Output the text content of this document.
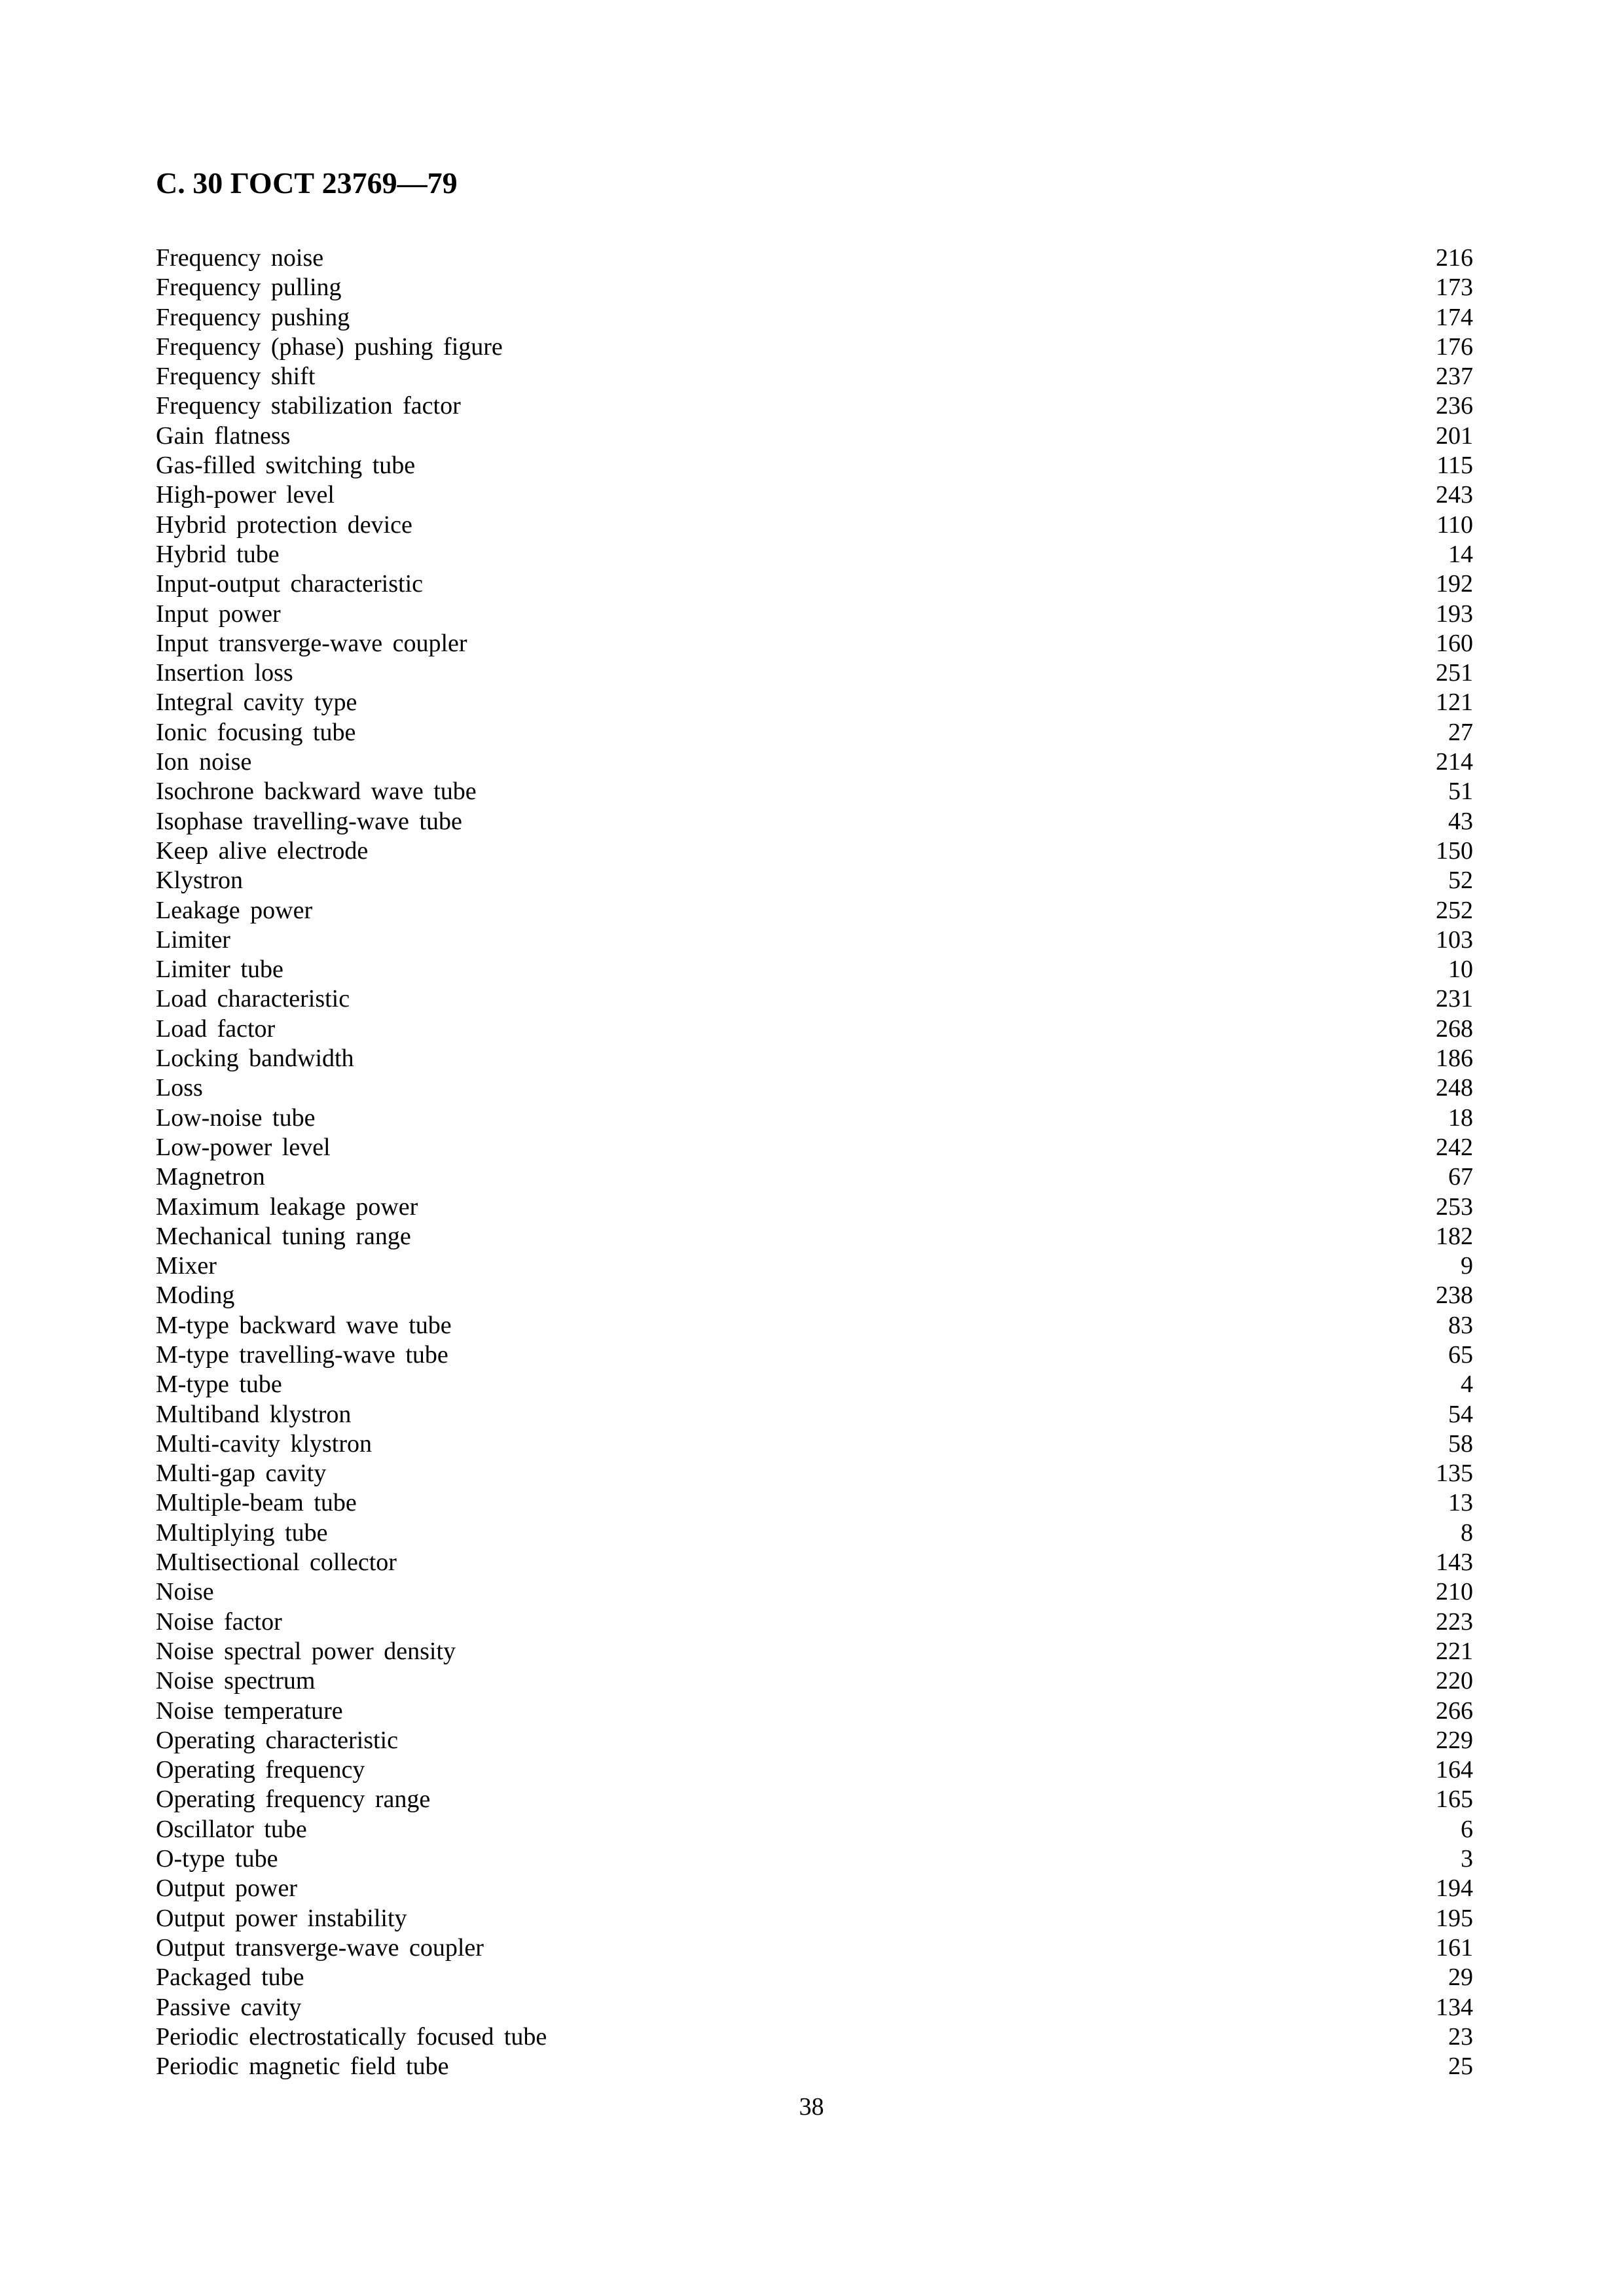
С. 30 ГОСТ 23769—79
Frequency noise	216
Frequency pulling	173
Frequency pushing	174
Frequency (phase) pushing figure	176
Frequency shift	237
Frequency stabilization factor	236
Gain flatness	201
Gas-filled switching tube	115
High-power level	243
Hybrid protection device	110
Hybrid tube	14
Input-output characteristic	192
Input power	193
Input transverge-wave coupler	160
Insertion loss	251
Integral cavity type	121
Ionic focusing tube	27
Ion noise	214
Isochrone backward wave tube	51
Isophase travelling-wave tube	43
Keep alive electrode	150
Klystron	52
Leakage power	252
Limiter	103
Limiter tube	10
Load characteristic	231
Load factor	268
Locking bandwidth	186
Loss	248
Low-noise tube	18
Low-power level	242
Magnetron	67
Maximum leakage power	253
Mechanical tuning range	182
Mixer	9
Moding	238
M-type backward wave tube	83
M-type travelling-wave tube	65
M-type tube	4
Multiband klystron	54
Multi-cavity klystron	58
Multi-gap cavity	135
Multiple-beam tube	13
Multiplying tube	8
Multisectional collector	143
Noise	210
Noise factor	223
Noise spectral power density	221
Noise spectrum	220
Noise temperature	266
Operating characteristic	229
Operating frequency	164
Operating frequency range	165
Oscillator tube	6
O-type tube	3
Output power	194
Output power instability	195
Output transverge-wave coupler	161
Packaged tube	29
Passive cavity	134
Periodic electrostatically focused tube	23
Periodic magnetic field tube	25
38
